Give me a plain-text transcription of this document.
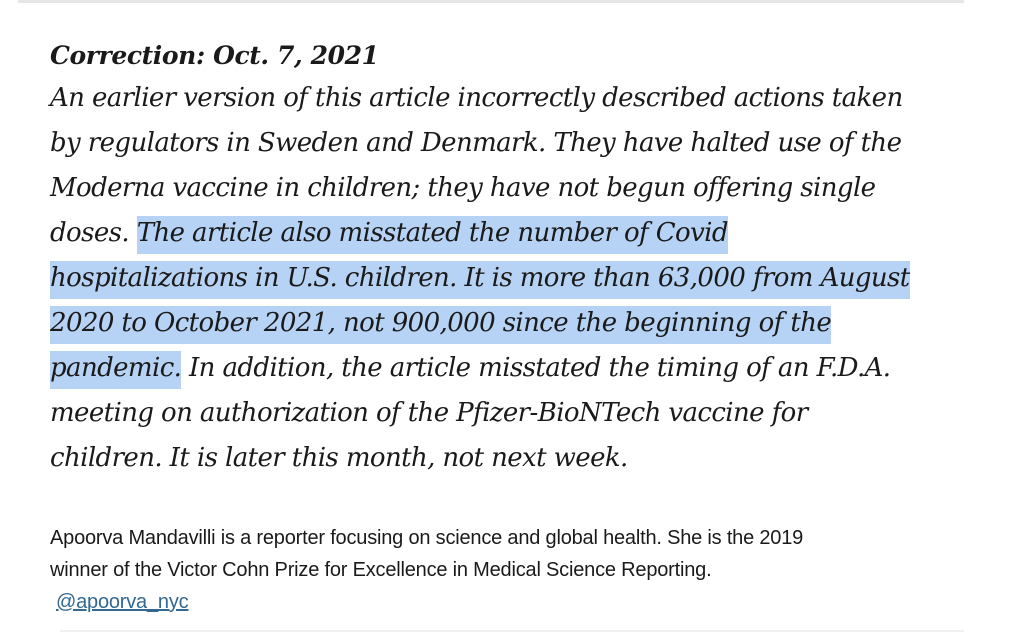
Correction: Oct. 7, 2021

An earlier version of this article incorrectly described actions taken
by regulators in Sweden and Denmark. They have halted use of the
Moderna vaccine in children; they have not begun offering single
doses. The article also misstated the number of Covid
hospitalizations in U.S. children. It is more than 63,000 from August
2020 to October 2021, not 900,000 since the beginning of the
pandemic. In addition, the article misstated the timing of an F.D.A.
meeting on authorization of the Pfizer-BioNTech vaccine for
children. It is later this month, not next week.

Apoorva Mandavilli is a reporter focusing on science and global health. She is the 2019
winner of the Victor Cohn Prize for Excellence in Medical Science Reporting.
@apoorva_nyc
